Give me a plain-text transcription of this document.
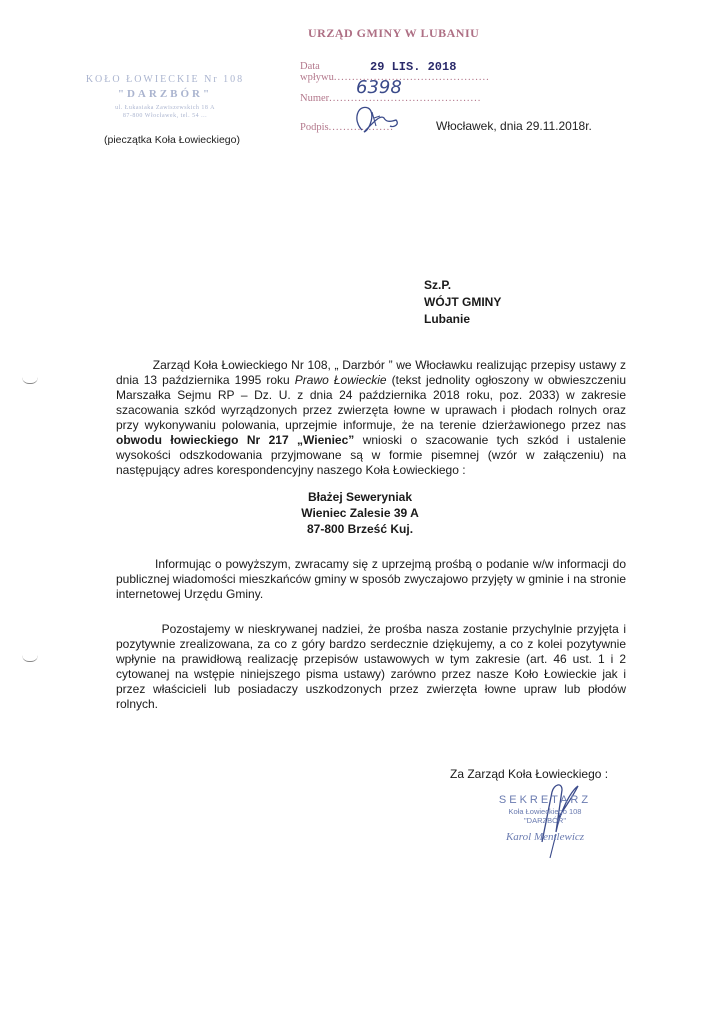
KOŁO ŁOWIECKIE Nr 108
"DARZBÓR"
ul. Łukasiaka Zawiszewskich 18 A
87-800 Włocławek, tel. 54 ...
(pieczątka Koła Łowieckiego)
URZĄD GMINY W LUBANIU
Data wpływu...........................................
Numer..........................................
Podpis..................
29 LIS. 2018
6398
Włocławek, dnia 29.11.2018r.
Sz.P.
WÓJT GMINY
Lubanie
Zarząd Koła Łowieckiego Nr 108, „ Darzbór ” we Włocławku realizując przepisy ustawy z dnia 13 października 1995 roku Prawo Łowieckie (tekst jednolity ogłoszony w obwieszczeniu Marszałka Sejmu RP – Dz. U. z dnia 24 października 2018 roku, poz. 2033) w zakresie szacowania szkód wyrządzonych przez zwierzęta łowne w uprawach i płodach rolnych oraz przy wykonywaniu polowania, uprzejmie informuje, że na terenie dzierżawionego przez nas obwodu łowieckiego Nr 217 „Wieniec” wnioski o szacowanie tych szkód i ustalenie wysokości odszkodowania przyjmowane są w formie pisemnej (wzór w załączeniu) na następujący adres korespondencyjny naszego Koła Łowieckiego :
Błażej Seweryniak
Wieniec Zalesie 39 A
87-800 Brześć Kuj.
Informując o powyższym, zwracamy się z uprzejmą prośbą o podanie w/w informacji do publicznej wiadomości mieszkańców gminy w sposób zwyczajowo przyjęty w gminie i na stronie internetowej Urzędu Gminy.
Pozostajemy w nieskrywanej nadziei, że prośba nasza zostanie przychylnie przyjęta i pozytywnie zrealizowana, za co z góry bardzo serdecznie dziękujemy, a co z kolei pozytywnie wpłynie na prawidłową realizację przepisów ustawowych w tym zakresie (art. 46 ust. 1 i 2 cytowanej na wstępie niniejszego pisma ustawy) zarówno przez nasze Koło Łowieckie jak i przez właścicieli lub posiadaczy uszkodzonych przez zwierzęta łowne upraw lub płodów rolnych.
Za Zarząd Koła Łowieckiego :
SEKRETARZ
Koła Łowieckiego 108
"DARZBÓR"
Karol Mentlewicz
